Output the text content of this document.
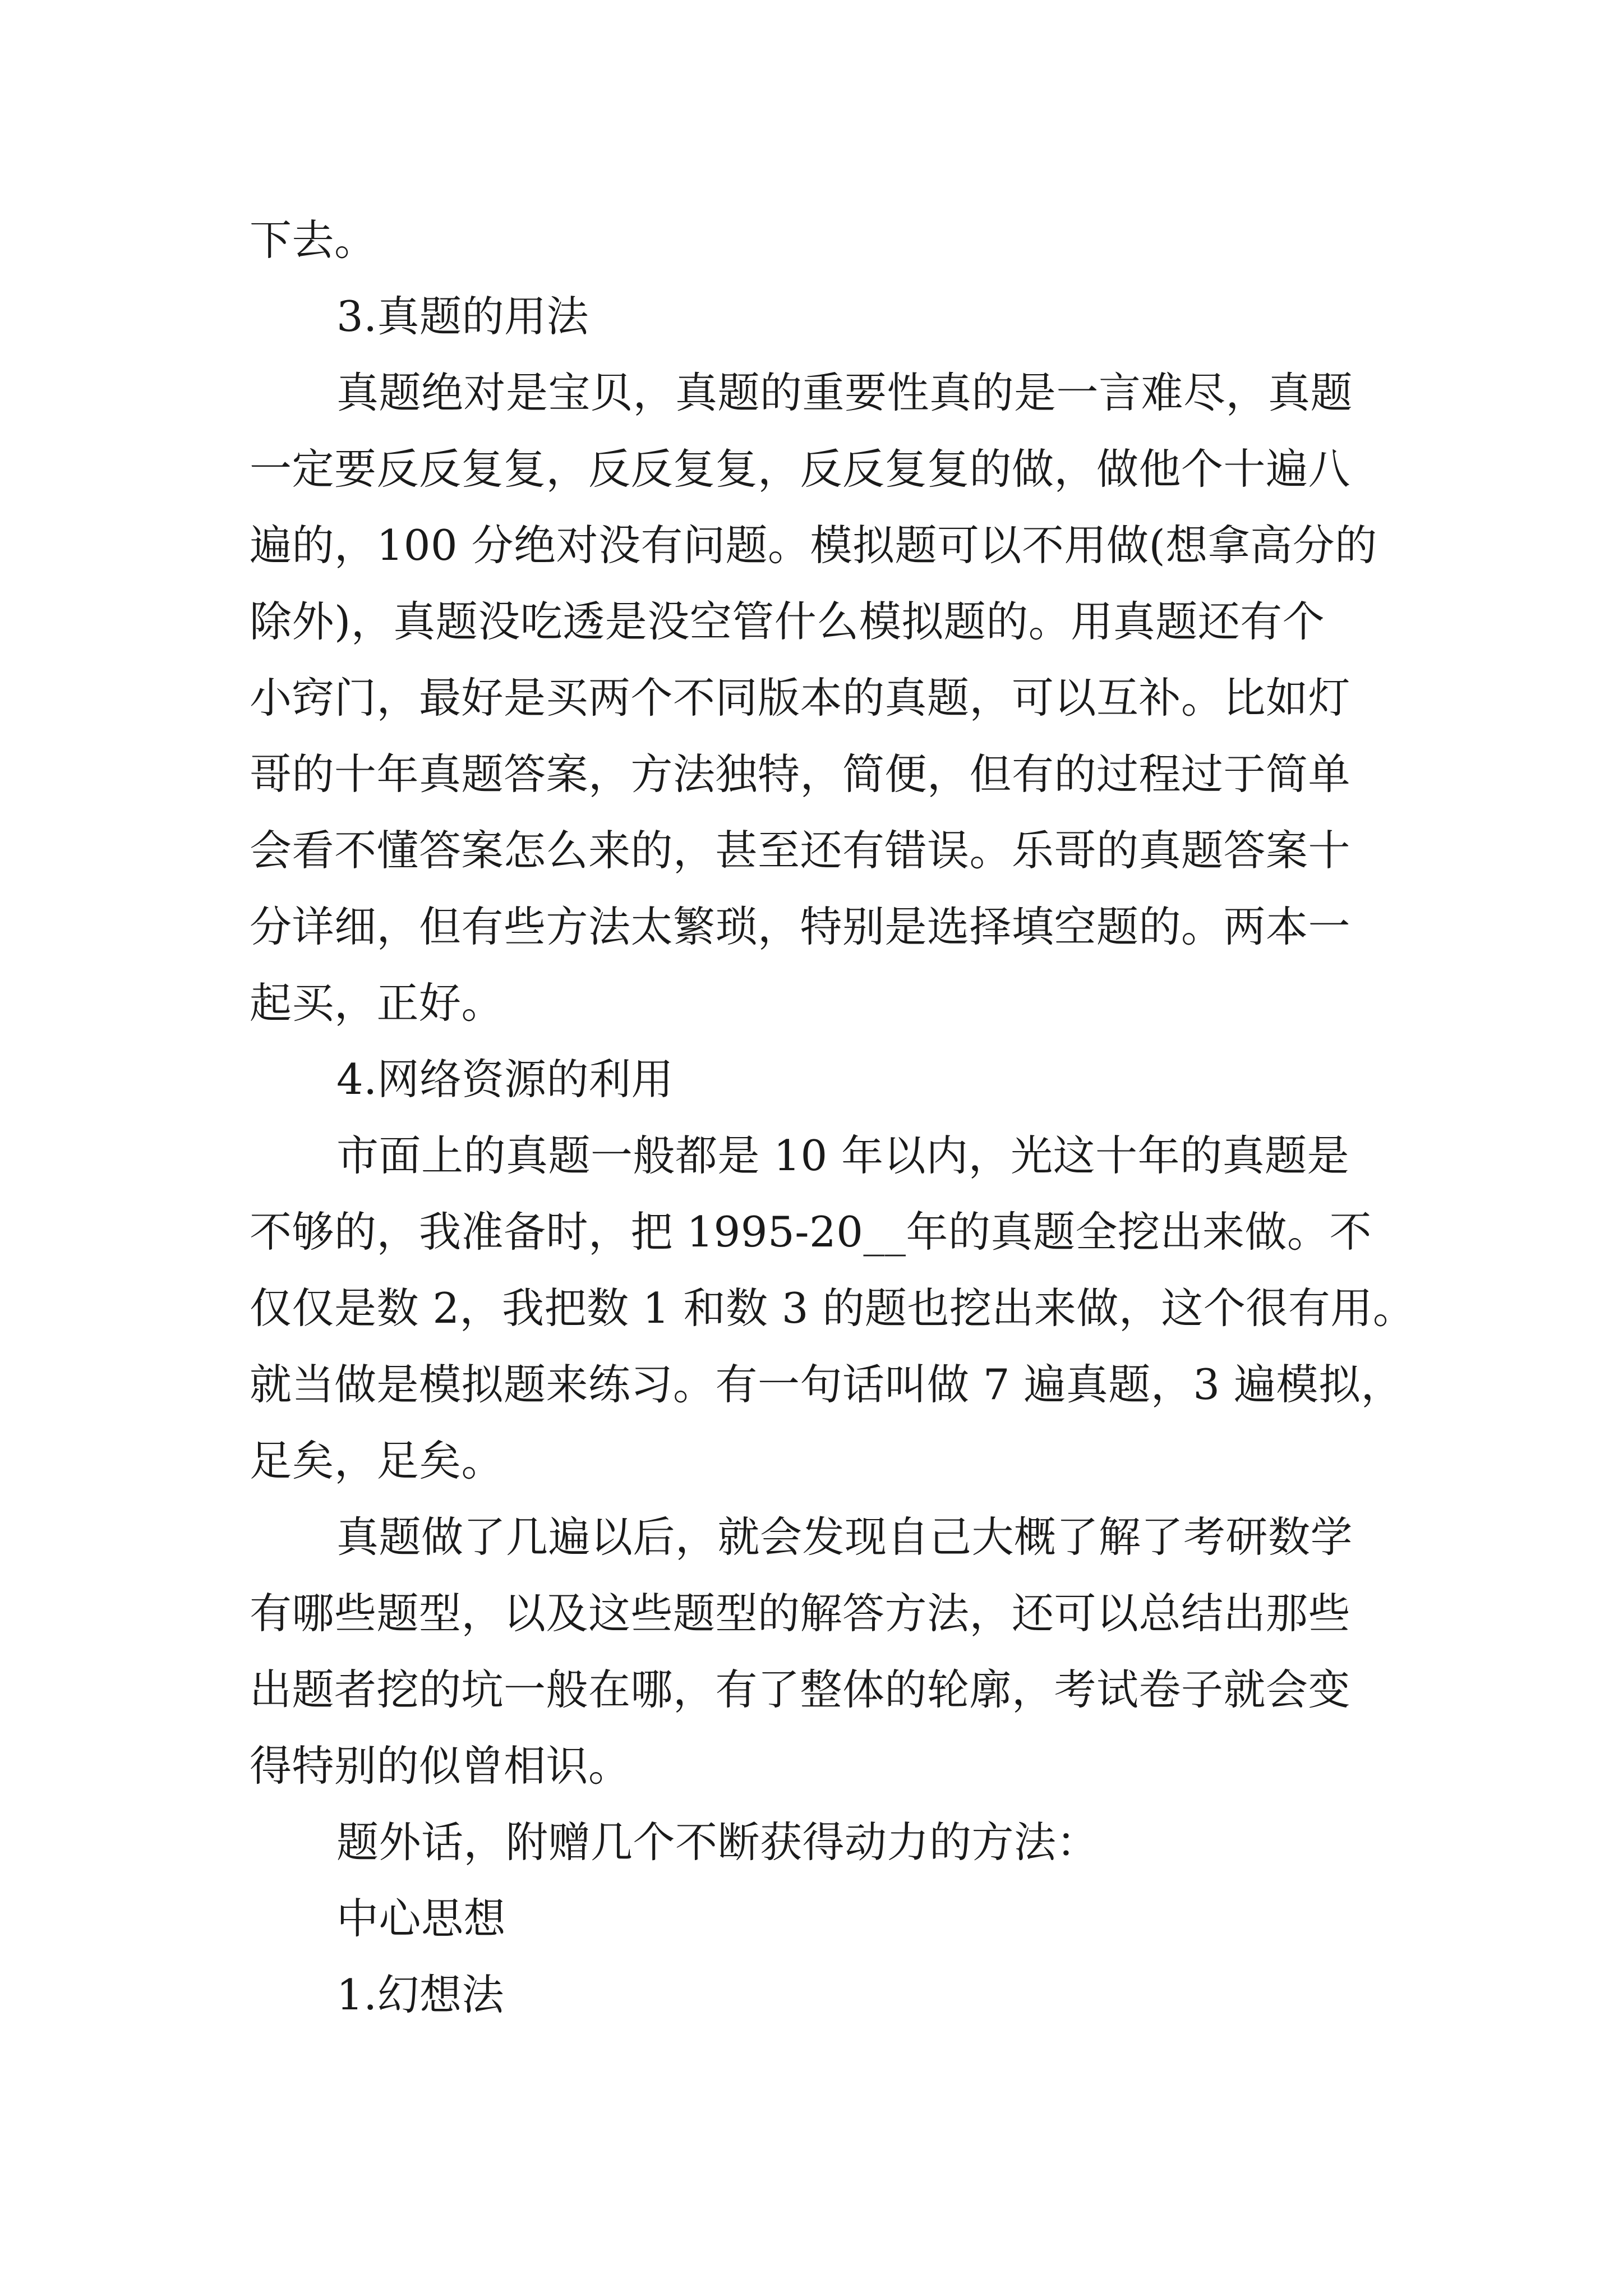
下去。
3.真题的用法
真题绝对是宝贝，真题的重要性真的是一言难尽，真题
一定要反反复复，反反复复，反反复复的做，做他个十遍八
遍的，100 分绝对没有问题。模拟题可以不用做(想拿高分的
除外)，真题没吃透是没空管什么模拟题的。用真题还有个
小窍门，最好是买两个不同版本的真题，可以互补。比如灯
哥的十年真题答案，方法独特，简便，但有的过程过于简单
会看不懂答案怎么来的，甚至还有错误。乐哥的真题答案十
分详细，但有些方法太繁琐，特别是选择填空题的。两本一
起买，正好。
4.网络资源的利用
市面上的真题一般都是 10 年以内，光这十年的真题是
不够的，我准备时，把 1995-20__年的真题全挖出来做。不
仅仅是数 2，我把数 1 和数 3 的题也挖出来做，这个很有用。
就当做是模拟题来练习。有一句话叫做 7 遍真题，3 遍模拟，
足矣，足矣。
真题做了几遍以后，就会发现自己大概了解了考研数学
有哪些题型，以及这些题型的解答方法，还可以总结出那些
出题者挖的坑一般在哪，有了整体的轮廓，考试卷子就会变
得特别的似曾相识。
题外话，附赠几个不断获得动力的方法：
中心思想
1.幻想法
